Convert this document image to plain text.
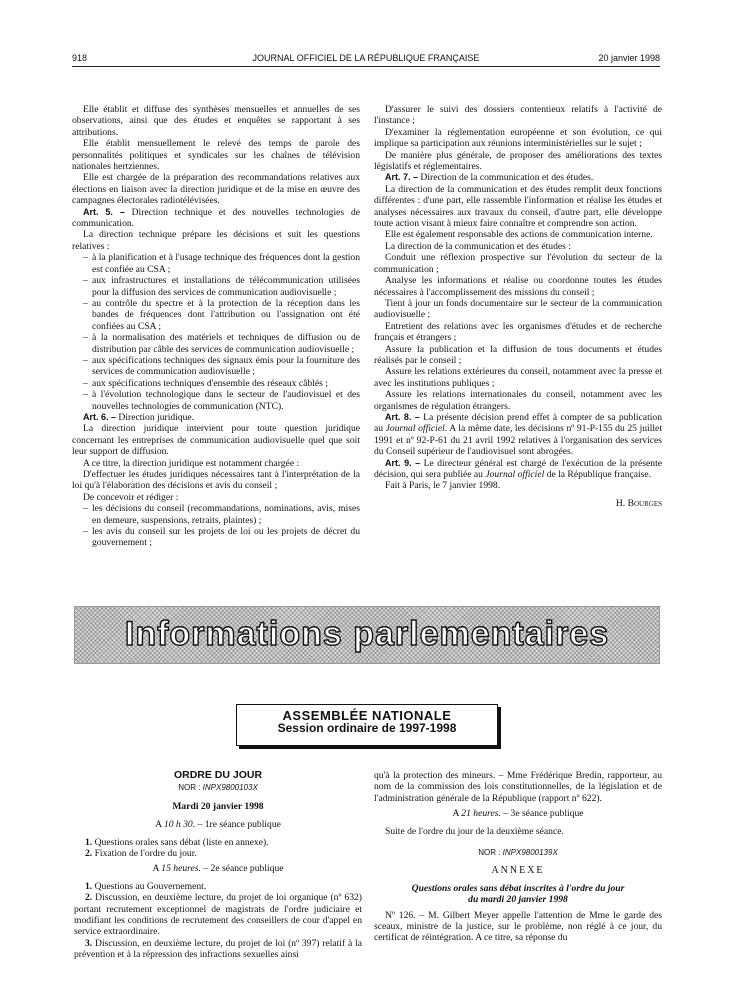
918	JOURNAL OFFICIEL DE LA RÉPUBLIQUE FRANÇAISE	20 janvier 1998

Elle établit et diffuse des synthèses mensuelles et annuelles de ses observations, ainsi que des études et enquêtes se rapportant à ses attributions.

Elle établit mensuellement le relevé des temps de parole des personnalités politiques et syndicales sur les chaînes de télévision nationales hertziennes.

Elle est chargée de la préparation des recommandations relatives aux élections en liaison avec la direction juridique et de la mise en œuvre des campagnes électorales radiotélévisées.

Art. 5. – Direction technique et des nouvelles technologies de communication.

La direction technique prépare les décisions et suit les questions relatives :

– à la planification et à l'usage technique des fréquences dont la gestion est confiée au CSA ;
– aux infrastructures et installations de télécommunication utilisées pour la diffusion des services de communication audiovisuelle ;
– au contrôle du spectre et à la protection de la réception dans les bandes de fréquences dont l'attribution ou l'assignation ont été confiées au CSA ;
– à la normalisation des matériels et techniques de diffusion ou de distribution par câble des services de communication audiovisuelle ;
– aux spécifications techniques des signaux émis pour la fourniture des services de communication audiovisuelle ;
– aux spécifications techniques d'ensemble des réseaux câblés ;
– à l'évolution technologique dans le secteur de l'audiovisuel et des nouvelles technologies de communication (NTC).

Art. 6. – Direction juridique.

La direction juridique intervient pour toute question juridique concernant les entreprises de communication audiovisuelle quel que soit leur support de diffusion.

A ce titre, la direction juridique est notamment chargée :

D'effectuer les études juridiques nécessaires tant à l'interprétation de la loi qu'à l'élaboration des décisions et avis du conseil ;

De concevoir et rédiger :

– les décisions du conseil (recommandations, nominations, avis, mises en demeure, suspensions, retraits, plaintes) ;
– les avis du conseil sur les projets de loi ou les projets de décret du gouvernement ;

D'assurer le suivi des dossiers contentieux relatifs à l'activité de l'instance ;

D'examiner la réglementation européenne et son évolution, ce qui implique sa participation aux réunions interministérielles sur le sujet ;

De manière plus générale, de proposer des améliorations des textes législatifs et réglementaires.

Art. 7. – Direction de la communication et des études.

La direction de la communication et des études remplit deux fonctions différentes : d'une part, elle rassemble l'information et réalise les études et analyses nécessaires aux travaux du conseil, d'autre part, elle développe toute action visant à mieux faire connaître et comprendre son action.

Elle est également responsable des actions de communication interne.

La direction de la communication et des études :

Conduit une réflexion prospective sur l'évolution du secteur de la communication ;

Analyse les informations et réalise ou coordonne toutes les études nécessaires à l'accomplissement des missions du conseil ;

Tient à jour un fonds documentaire sur le secteur de la communication audiovisuelle ;

Entretient des relations avec les organismes d'études et de recherche français et étrangers ;

Assure la publication et la diffusion de tous documents et études réalisés par le conseil ;

Assure les relations extérieures du conseil, notamment avec la presse et avec les institutions publiques ;

Assure les relations internationales du conseil, notamment avec les organismes de régulation étrangers.

Art. 8. – La présente décision prend effet à compter de sa publication au Journal officiel. A la même date, les décisions nº 91-P-155 du 25 juillet 1991 et nº 92-P-61 du 21 avril 1992 relatives à l'organisation des services du Conseil supérieur de l'audiovisuel sont abrogées.

Art. 9. – Le directeur général est chargé de l'exécution de la présente décision, qui sera publiée au Journal officiel de la République française.

Fait à Paris, le 7 janvier 1998.

H. Bourges
Informations parlementaires
ASSEMBLÉE NATIONALE
Session ordinaire de 1997-1998
ORDRE DU JOUR
NOR : INPX9800103X
Mardi 20 janvier 1998
A 10 h 30. – 1re séance publique
1. Questions orales sans débat (liste en annexe).
2. Fixation de l'ordre du jour.
A 15 heures. – 2e séance publique
1. Questions au Gouvernement.
2. Discussion, en deuxième lecture, du projet de loi organique (nº 632) portant recrutement exceptionnel de magistrats de l'ordre judiciaire et modifiant les conditions de recrutement des conseillers de cour d'appel en service extraordinaire.
3. Discussion, en deuxième lecture, du projet de loi (nº 397) relatif à la prévention et à la répression des infractions sexuelles ainsi

qu'à la protection des mineurs. – Mme Frédérique Bredin, rapporteur, au nom de la commission des lois constitutionnelles, de la législation et de l'administration générale de la République (rapport nº 622).

A 21 heures. – 3e séance publique

Suite de l'ordre du jour de la deuxième séance.

NOR : INPX9800139X
ANNEXE
Questions orales sans débat inscrites à l'ordre du jour
du mardi 20 janvier 1998

Nº 126. – M. Gilbert Meyer appelle l'attention de Mme le garde des sceaux, ministre de la justice, sur le problème, non réglé à ce jour, du certificat de réintégration. A ce titre, sa réponse du
